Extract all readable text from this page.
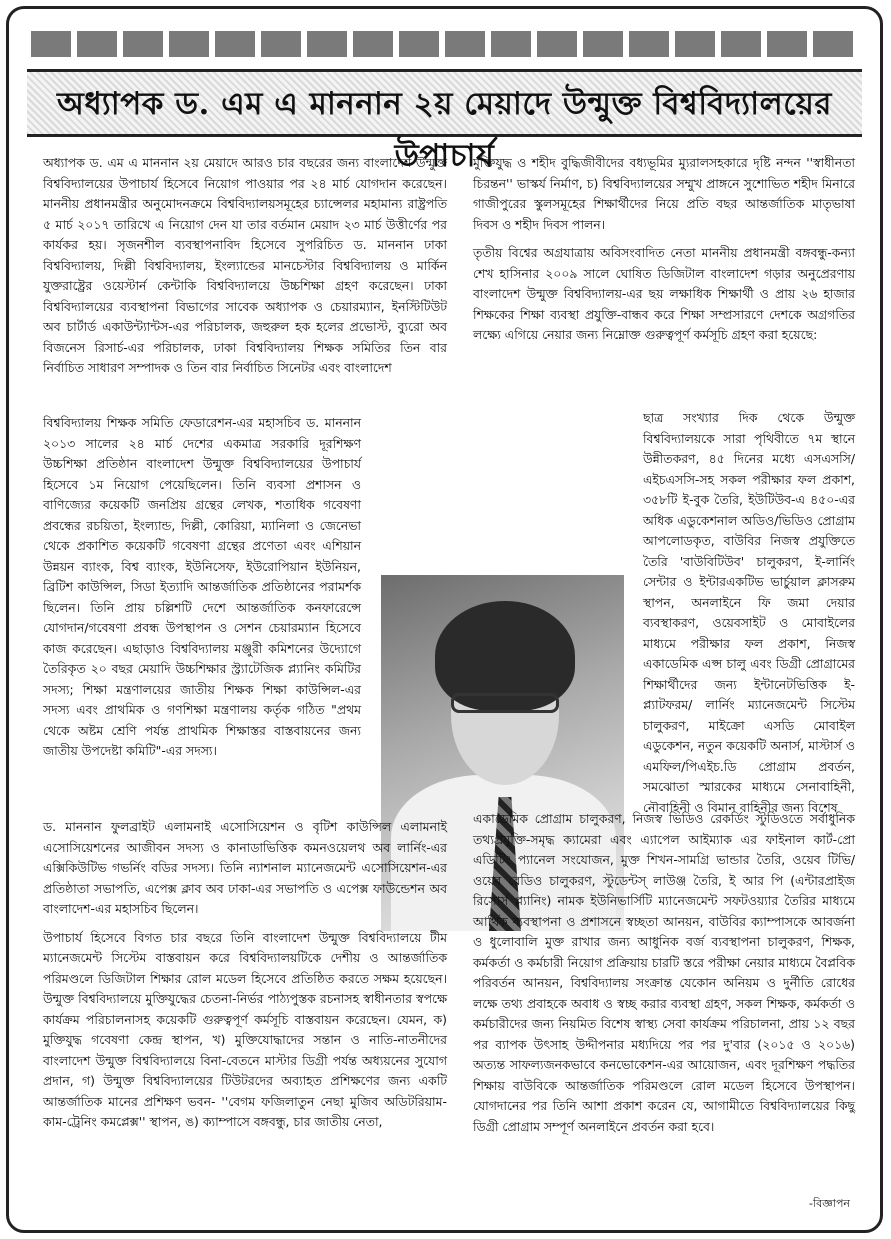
অধ্যাপক ড. এম এ মাননান ২য় মেয়াদে উন্মুক্ত বিশ্ববিদ্যালয়ের উপাচার্য

অধ্যাপক ড. এম এ মাননান ২য় মেয়াদে আরও চার বছরের জন্য বাংলাদেশ উন্মুক্ত বিশ্ববিদ্যালয়ের উপাচার্য হিসেবে নিয়োগ পাওয়ার পর ২৪ মার্চ যোগদান করেছেন। মাননীয় প্রধানমন্ত্রীর অনুমোদনক্রমে বিশ্ববিদ্যালয়সমূহের চ্যান্সেলর মহামান্য রাষ্ট্রপতি ৫ মার্চ ২০১৭ তারিখে এ নিয়োগ দেন যা তার বর্তমান মেয়াদ ২৩ মার্চ উত্তীর্ণের পর কার্যকর হয়। সৃজনশীল ব্যবস্থাপনাবিদ হিসেবে সুপরিচিত ড. মাননান ঢাকা বিশ্ববিদ্যালয়, দিল্লী বিশ্ববিদ্যালয়, ইংল্যান্ডের মানচেস্টার বিশ্ববিদ্যালয় ও মার্কিন যুক্তরাষ্ট্রের ওয়েস্টার্ন কেন্টাকি বিশ্ববিদ্যালয়ে উচ্চশিক্ষা গ্রহণ করেছেন। ঢাকা বিশ্ববিদ্যালয়ের ব্যবস্থাপনা বিভাগের সাবেক অধ্যাপক ও চেয়ারম্যান, ইনস্টিটিউট অব চার্টার্ড একাউন্ট্যান্টস-এর পরিচালক, জহুরুল হক হলের প্রভোস্ট, ব্যুরো অব বিজনেস রিসার্চ-এর পরিচালক, ঢাকা বিশ্ববিদ্যালয় শিক্ষক সমিতির তিন বার নির্বাচিত সাধারণ সম্পাদক ও তিন বার নির্বাচিত সিনেটর এবং বাংলাদেশ

মুক্তিযুদ্ধ ও শহীদ বুদ্ধিজীবীদের বধ্যভূমির ম্যুরালসহকারে দৃষ্টি নন্দন ''স্বাধীনতা চিরন্তন'' ভাস্কর্য নির্মাণ, চ) বিশ্ববিদ্যালয়ের সম্মুখ প্রাঙ্গনে সুশোভিত শহীদ মিনারে গাজীপুরের স্কুলসমূহের শিক্ষার্থীদের নিয়ে প্রতি বছর আন্তর্জাতিক মাতৃভাষা দিবস ও শহীদ দিবস পালন।

তৃতীয় বিশ্বের অগ্রযাত্রায় অবিসংবাদিত নেতা মাননীয় প্রধানমন্ত্রী বঙ্গবন্ধু-কন্যা শেখ হাসিনার ২০০৯ সালে ঘোষিত ডিজিটাল বাংলাদেশ গড়ার অনুপ্রেরণায় বাংলাদেশ উন্মুক্ত বিশ্ববিদ্যালয়-এর ছয় লক্ষাধিক শিক্ষার্থী ও প্রায় ২৬ হাজার শিক্ষকের শিক্ষা ব্যবস্থা প্রযুক্তি-বান্ধব করে শিক্ষা সম্প্রসারণে দেশকে অগ্রগতির লক্ষ্যে এগিয়ে নেয়ার জন্য নিম্নোক্ত গুরুত্বপূর্ণ কর্মসূচি গ্রহণ করা হয়েছে:

বিশ্ববিদ্যালয় শিক্ষক সমিতি ফেডারেশন-এর মহাসচিব ড. মাননান ২০১৩ সালের ২৪ মার্চ দেশের একমাত্র সরকারি দূরশিক্ষণ উচ্চশিক্ষা প্রতিষ্ঠান বাংলাদেশ উন্মুক্ত বিশ্ববিদ্যালয়ের উপাচার্য হিসেবে ১ম নিয়োগ পেয়েছিলেন। তিনি ব্যবসা প্রশাসন ও বাণিজ্যের কয়েকটি জনপ্রিয় গ্রন্থের লেখক, শতাধিক গবেষণা প্রবন্ধের রচয়িতা, ইংল্যান্ড, দিল্লী, কোরিয়া, ম্যানিলা ও জেনেভা থেকে প্রকাশিত কয়েকটি গবেষণা গ্রন্থের প্রণেতা এবং এশিয়ান উন্নয়ন ব্যাংক, বিশ্ব ব্যাংক, ইউনিসেফ, ইউরোপিয়ান ইউনিয়ন, ব্রিটিশ কাউন্সিল, সিডা ইত্যাদি আন্তর্জাতিক প্রতিষ্ঠানের পরামর্শক ছিলেন। তিনি প্রায় চল্লিশটি দেশে আন্তর্জাতিক কনফারেন্সে যোগদান/গবেষণা প্রবন্ধ উপস্থাপন ও সেশন চেয়ারম্যান হিসেবে কাজ করেছেন। এছাড়াও বিশ্ববিদ্যালয় মঞ্জুরী কমিশনের উদ্যোগে তৈরিকৃত ২০ বছর মেয়াদি উচ্চশিক্ষার স্ট্র্যাটেজিক প্ল্যানিং কমিটির সদস্য; শিক্ষা মন্ত্রণালয়ের জাতীয় শিক্ষক শিক্ষা কাউন্সিল-এর সদস্য এবং প্রাথমিক ও গণশিক্ষা মন্ত্রণালয় কর্তৃক গঠিত "প্রথম থেকে অষ্টম শ্রেণি পর্যন্ত প্রাথমিক শিক্ষাস্তর বাস্তবায়নের জন্য জাতীয় উপদেষ্টা কমিটি"-এর সদস্য।

ছাত্র সংখ্যার দিক থেকে উন্মুক্ত বিশ্ববিদ্যালয়কে সারা পৃথিবীতে ৭ম স্থানে উন্নীতকরণ, ৪৫ দিনের মধ্যে এসএসসি/ এইচএসসি-সহ সকল পরীক্ষার ফল প্রকাশ, ৩৫৮টি ই-বুক তৈরি, ইউটিউব-এ ৪৫০-এর অধিক এডুকেশনাল অডিও/ভিডিও প্রোগ্রাম আপলোডকৃত, বাউবির নিজস্ব প্রযুক্তিতে তৈরি 'বাউবিটিউব' চালুকরণ, ই-লার্নিং সেন্টার ও ইন্টারএকটিভ ভার্চুয়াল ক্লাসরুম স্থাপন, অনলাইনে ফি জমা দেয়ার ব্যবস্থাকরণ, ওয়েবসাইট ও মোবাইলের মাধ্যমে পরীক্ষার ফল প্রকাশ, নিজস্ব একাডেমিক এপ্স চালু এবং ডিগ্রী প্রোগ্রামের শিক্ষার্থীদের জন্য ইন্টানেটভিত্তিক ই-প্ল্যাটফরম/ লার্নিং ম্যানেজমেন্ট সিস্টেম চালুকরণ, মাইক্রো এসডি মোবাইল এডুকেশন, নতুন কয়েকটি অনার্স, মাস্টার্স ও এমফিল/পিএইচ.ডি প্রোগ্রাম প্রবর্তন, সমঝোতা স্মারকের মাধ্যমে সেনাবাহিনী, নৌবাহিনী ও বিমান বাহিনীর জন্য বিশেষ

ড. মাননান ফুলব্রাইট এলামনাই এসোসিয়েশন ও বৃটিশ কাউন্সিল এলামনাই এসোসিয়েশনের আজীবন সদস্য ও কানাডাভিত্তিক কমনওয়েলথ অব লার্নিং-এর এক্সিকিউটিভ গভর্নিং বডির সদস্য। তিনি ন্যাশনাল ম্যানেজমেন্ট এসোসিয়েশন-এর প্রতিষ্ঠাতা সভাপতি, এপেক্স ক্লাব অব ঢাকা-এর সভাপতি ও এপেক্স ফাউন্ডেশন অব বাংলাদেশ-এর মহাসচিব ছিলেন।

উপাচার্য হিসেবে বিগত চার বছরে তিনি বাংলাদেশ উন্মুক্ত বিশ্ববিদ্যালয়ে টীম ম্যানেজমেন্ট সিস্টেম বাস্তবায়ন করে বিশ্ববিদ্যালয়টিকে দেশীয় ও আন্তর্জাতিক পরিমণ্ডলে ডিজিটাল শিক্ষার রোল মডেল হিসেবে প্রতিষ্ঠিত করতে সক্ষম হয়েছেন। উন্মুক্ত বিশ্ববিদ্যালয়ে মুক্তিযুদ্ধের চেতনা-নির্ভর পাঠ্যপুস্তক রচনাসহ স্বাধীনতার স্বপক্ষে কার্যক্রম পরিচালনাসহ কয়েকটি গুরুত্বপূর্ণ কর্মসূচি বাস্তবায়ন করেছেন। যেমন, ক) মুক্তিযুদ্ধ গবেষণা কেন্দ্র স্থাপন, খ) মুক্তিযোদ্ধাদের সন্তান ও নাতি-নাতনীদের বাংলাদেশ উন্মুক্ত বিশ্ববিদ্যালয়ে বিনা-বেতনে মাস্টার ডিগ্রী পর্যন্ত অধ্যয়নের সুযোগ প্রদান, গ) উন্মুক্ত বিশ্ববিদ্যালয়ের টিউটরদের অব্যাহত প্রশিক্ষণের জন্য একটি আন্তর্জাতিক মানের প্রশিক্ষণ ভবন- ''বেগম ফজিলাতুন নেছা মুজিব অডিটরিয়াম-কাম-ট্রেনিং কমপ্লেক্স'' স্থাপন, ঙ) ক্যাম্পাসে বঙ্গবন্ধু, চার জাতীয় নেতা,

একাডেমিক প্রোগ্রাম চালুকরণ, নিজস্ব ভিডিও রেকর্ডিং স্টুডিওতে সর্বাধুনিক তথ্যপ্রযুক্তি-সমৃদ্ধ ক্যামেরা এবং এ্যাপেল আইম্যাক এর ফাইনাল কার্ট-প্রো এডিটিং প্যানেল সংযোজন, মুক্ত শিখন-সামগ্রি ভান্ডার তৈরি, ওয়েব টিভি/ ওয়েব রেডিও চালুকরণ, স্টুডেন্টস্ লাউঞ্জ তৈরি, ই আর পি (এন্টারপ্রাইজ রিসোর্স প্ল্যানিং) নামক ইউনিভার্সিটি ম্যানেজমেন্ট সফটওয়্যার তৈরির মাধ্যমে আর্থিক ব্যবস্থাপনা ও প্রশাসনে স্বচ্ছতা আনয়ন, বাউবির ক্যাম্পাসকে আবর্জনা ও ধুলোবালি মুক্ত রাখার জন্য আধুনিক বর্জ ব্যবস্থাপনা চালুকরণ, শিক্ষক, কর্মকর্তা ও কর্মচারী নিয়োগ প্রক্রিয়ায় চারটি স্তরে পরীক্ষা নেয়ার মাধ্যমে বৈপ্লবিক পরিবর্তন আনয়ন, বিশ্ববিদ্যালয় সংক্রান্ত যেকোন অনিয়ম ও দুর্নীতি রোধের লক্ষে তথ্য প্রবাহকে অবাধ ও স্বচ্ছ করার ব্যবস্থা গ্রহণ, সকল শিক্ষক, কর্মকর্তা ও কর্মচারীদের জন্য নিয়মিত বিশেষ স্বাস্থ্য সেবা কার্যক্রম পরিচালনা, প্রায় ১২ বছর পর ব্যাপক উৎসাহ উদ্দীপনার মধ্যদিয়ে পর পর দু'বার (২০১৫ ও ২০১৬) অত্যন্ত সাফল্যজনকভাবে কনভোকেশন-এর আয়োজন, এবং দূরশিক্ষণ পদ্ধতির শিক্ষায় বাউবিকে আন্তর্জাতিক পরিমণ্ডলে রোল মডেল হিসেবে উপস্থাপন। যোগদানের পর তিনি আশা প্রকাশ করেন যে, আগামীতে বিশ্ববিদ্যালয়ের কিছু ডিগ্রী প্রোগ্রাম সম্পূর্ণ অনলাইনে প্রবর্তন করা হবে।

-বিজ্ঞাপন
